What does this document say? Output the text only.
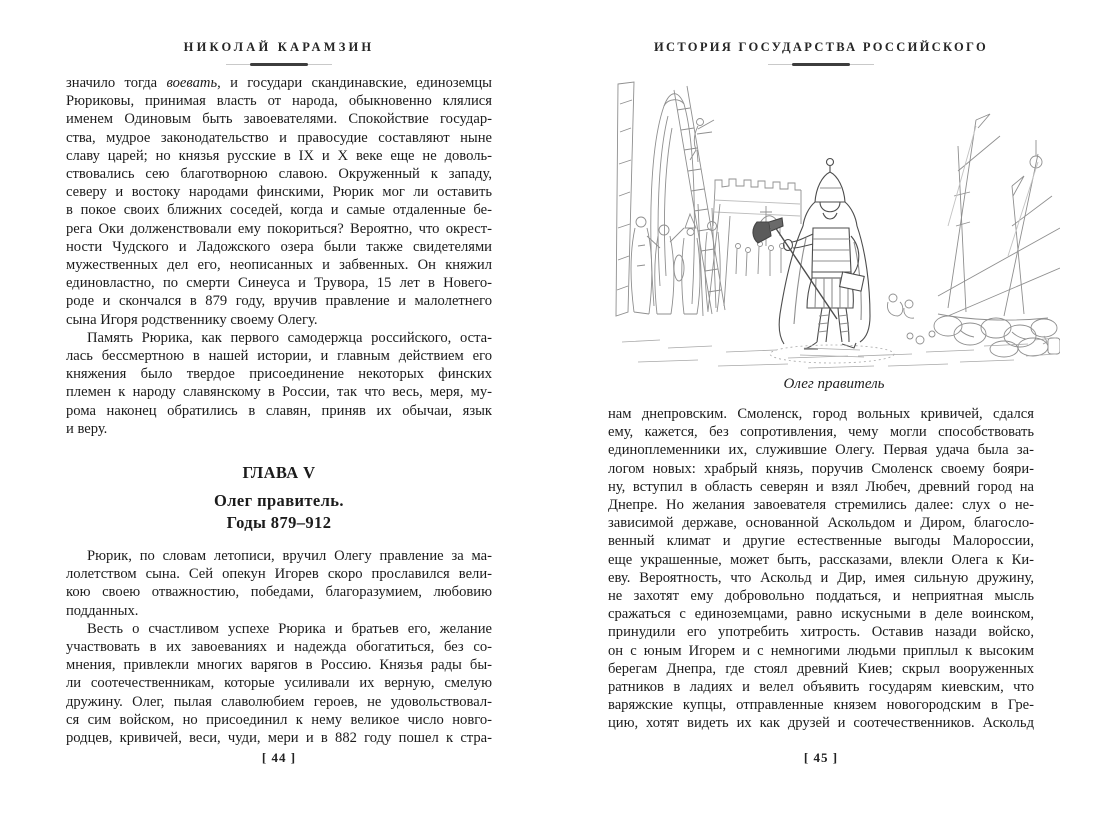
НИКОЛАЙ КАРАМЗИН
значило тогда воевать, и государи скандинавские, единоземцы
Рюриковы, принимая власть от народа, обыкновенно клялися
именем Одиновым быть завоевателями. Спокойствие государ-
ства, мудрое законодательство и правосудие составляют ныне
славу царей; но князья русские в IX и X веке еще не доволь-
ствовались сею благотворною славою. Окруженный к западу,
северу и востоку народами финскими, Рюрик мог ли оставить
в покое своих ближних соседей, когда и самые отдаленные бе-
рега Оки долженствовали ему покориться? Вероятно, что окрест-
ности Чудского и Ладожского озера были также свидетелями
мужественных дел его, неописанных и забвенных. Он княжил
единовластно, по смерти Синеуса и Трувора, 15 лет в Новего-
роде и скончался в 879 году, вручив правление и малолетнего
сына Игоря родственнику своему Олегу.
Память Рюрика, как первого самодержца российского, оста-
лась бессмертною в нашей истории, и главным действием его
княжения было твердое присоединение некоторых финских
племен к народу славянскому в России, так что весь, меря, му-
рома наконец обратились в славян, приняв их обычаи, язык
и веру.
ГЛАВА V
Олег правитель.
Годы 879–912
Рюрик, по словам летописи, вручил Олегу правление за ма-
лолетством сына. Сей опекун Игорев скоро прославился вели-
кою своею отважностию, победами, благоразумием, любовию
подданных.
Весть о счастливом успехе Рюрика и братьев его, желание
участвовать в их завоеваниях и надежда обогатиться, без со-
мнения, привлекли многих варягов в Россию. Князья рады бы-
ли соотечественникам, которые усиливали их верную, смелую
дружину. Олег, пылая славолюбием героев, не удовольствовал-
ся сим войском, но присоединил к нему великое число новго-
родцев, кривичей, веси, чуди, мери и в 882 году пошел к стра-
[ 44 ]
ИСТОРИЯ ГОСУДАРСТВА РОССИЙСКОГО
Олег правитель
нам днепровским. Смоленск, город вольных кривичей, сдался
ему, кажется, без сопротивления, чему могли способствовать
единоплеменники их, служившие Олегу. Первая удача была за-
логом новых: храбрый князь, поручив Смоленск своему бояри-
ну, вступил в область северян и взял Любеч, древний город на
Днепре. Но желания завоевателя стремились далее: слух о не-
зависимой державе, основанной Аскольдом и Диром, благосло-
венный климат и другие естественные выгоды Малороссии,
еще украшенные, может быть, рассказами, влекли Олега к Ки-
еву. Вероятность, что Аскольд и Дир, имея сильную дружину,
не захотят ему добровольно поддаться, и неприятная мысль
сражаться с единоземцами, равно искусными в деле воинском,
принудили его употребить хитрость. Оставив назади войско,
он с юным Игорем и с немногими людьми приплыл к высоким
берегам Днепра, где стоял древний Киев; скрыл вооруженных
ратников в ладиях и велел объявить государям киевским, что
варяжские купцы, отправленные князем новогородским в Гре-
цию, хотят видеть их как друзей и соотечественников. Аскольд
[ 45 ]
